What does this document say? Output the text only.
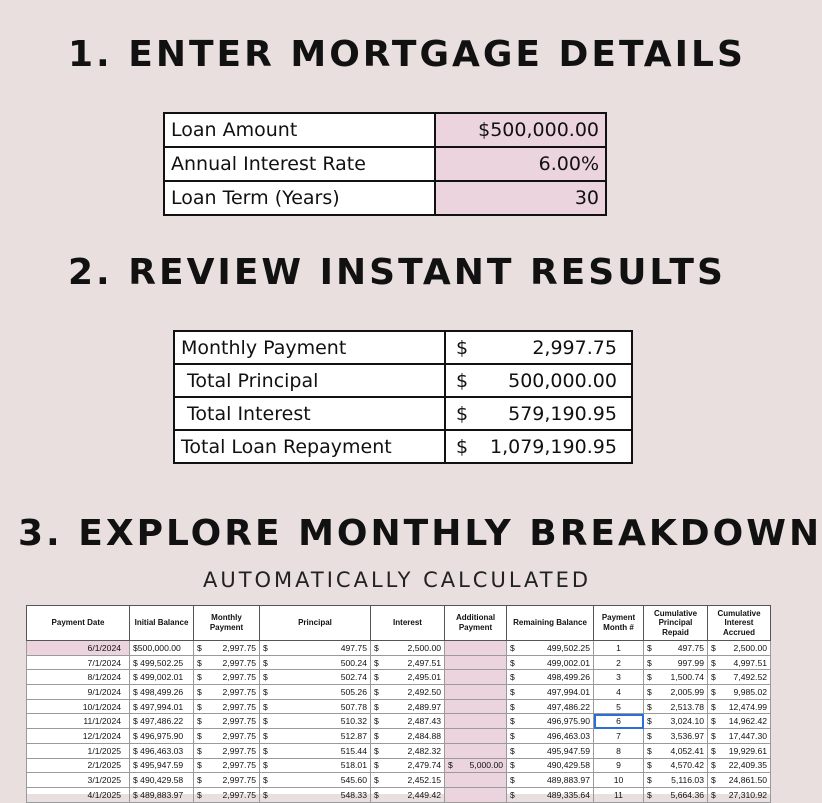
1. ENTER MORTGAGE DETAILS
Loan Amount	$500,000.00
Annual Interest Rate	6.00%
Loan Term (Years)	30
2. REVIEW INSTANT RESULTS
Monthly Payment	$	2,997.75
Total Principal	$	500,000.00
Total Interest	$	579,190.95
Total Loan Repayment	$	1,079,190.95
3. EXPLORE MONTHLY BREAKDOWN
AUTOMATICALLY CALCULATED
Payment Date	Initial Balance	Monthly Payment	Principal	Interest	Additional Payment	Remaining Balance	Payment Month #	Cumulative Principal Repaid	Cumulative Interest Accrued
6/1/2024	$500,000.00	$ 2,997.75	$ 497.75	$ 2,500.00		$ 499,502.25	1	$ 497.75	$ 2,500.00

7/1/2024	$ 499,502.25	$ 2,997.75	$ 500.24	$ 2,497.51		$ 499,002.01	2	$ 997.99	$ 4,997.51

8/1/2024	$ 499,002.01	$ 2,997.75	$ 502.74	$ 2,495.01		$ 498,499.26	3	$ 1,500.74	$ 7,492.52

9/1/2024	$ 498,499.26	$ 2,997.75	$ 505.26	$ 2,492.50		$ 497,994.01	4	$ 2,005.99	$ 9,985.02

10/1/2024	$ 497,994.01	$ 2,997.75	$ 507.78	$ 2,489.97		$ 497,486.22	5	$ 2,513.78	$ 12,474.99

11/1/2024	$ 497,486.22	$ 2,997.75	$ 510.32	$ 2,487.43		$ 496,975.90	6	$ 3,024.10	$ 14,962.42

12/1/2024	$ 496,975.90	$ 2,997.75	$ 512.87	$ 2,484.88		$ 496,463.03	7	$ 3,536.97	$ 17,447.30

1/1/2025	$ 496,463.03	$ 2,997.75	$ 515.44	$ 2,482.32		$ 495,947.59	8	$ 4,052.41	$ 19,929.61

2/1/2025	$ 495,947.59	$ 2,997.75	$ 518.01	$ 2,479.74	$ 5,000.00	$ 490,429.58	9	$ 4,570.42	$ 22,409.35

3/1/2025	$ 490,429.58	$ 2,997.75	$ 545.60	$ 2,452.15		$ 489,883.97	10	$ 5,116.03	$ 24,861.50

4/1/2025	$ 489,883.97	$ 2,997.75	$ 548.33	$ 2,449.42		$ 489,335.64	11	$ 5,664.36	$ 27,310.92
